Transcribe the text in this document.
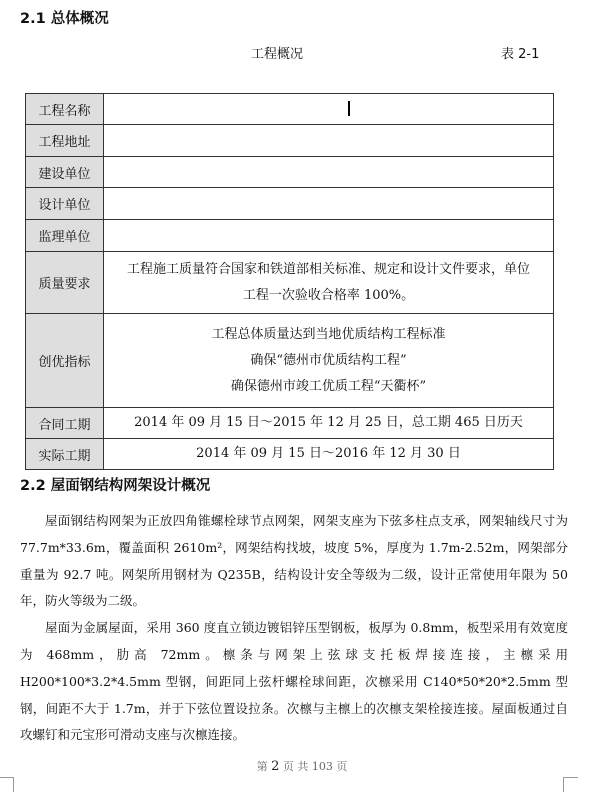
2.1 总体概况
工程概况	表 2-1
工程名称	

工程地址	

建设单位	

设计单位	

监理单位	

质量要求	工程施工质量符合国家和铁道部相关标准、规定和设计文件要求，单位
工程一次验收合格率 100%。

创优指标	工程总体质量达到当地优质结构工程标准
确保“德州市优质结构工程”
确保德州市竣工优质工程“天衢杯”

合同工期	2014 年 09 月 15 日～2015 年 12 月 25 日，总工期 465 日历天

实际工期	2014 年 09 月 15 日～2016 年 12 月 30 日
2.2 屋面钢结构网架设计概况

屋面钢结构网架为正放四角锥螺栓球节点网架，网架支座为下弦多柱点支承，网架轴线尺寸为 77.7m*33.6m，覆盖面积 2610m²，网架结构找坡，坡度 5%，厚度为 1.7m-2.52m，网架部分重量为 92.7 吨。网架所用钢材为 Q235B，结构设计安全等级为二级，设计正常使用年限为 50 年，防火等级为二级。

屋面为金属屋面，采用 360 度直立锁边镀铝锌压型钢板，板厚为 0.8mm，板型采用有效宽度为 468mm，肋高 72mm。檩条与网架上弦球支托板焊接连接，主檩采用 H200*100*3.2*4.5mm 型钢，间距同上弦杆螺栓球间距，次檩采用 C140*50*20*2.5mm 型钢，间距不大于 1.7m，并于下弦位置设拉条。次檩与主檩上的次檩支架栓接连接。屋面板通过自攻螺钉和元宝形可滑动支座与次檩连接。

第 2 页 共 103 页
